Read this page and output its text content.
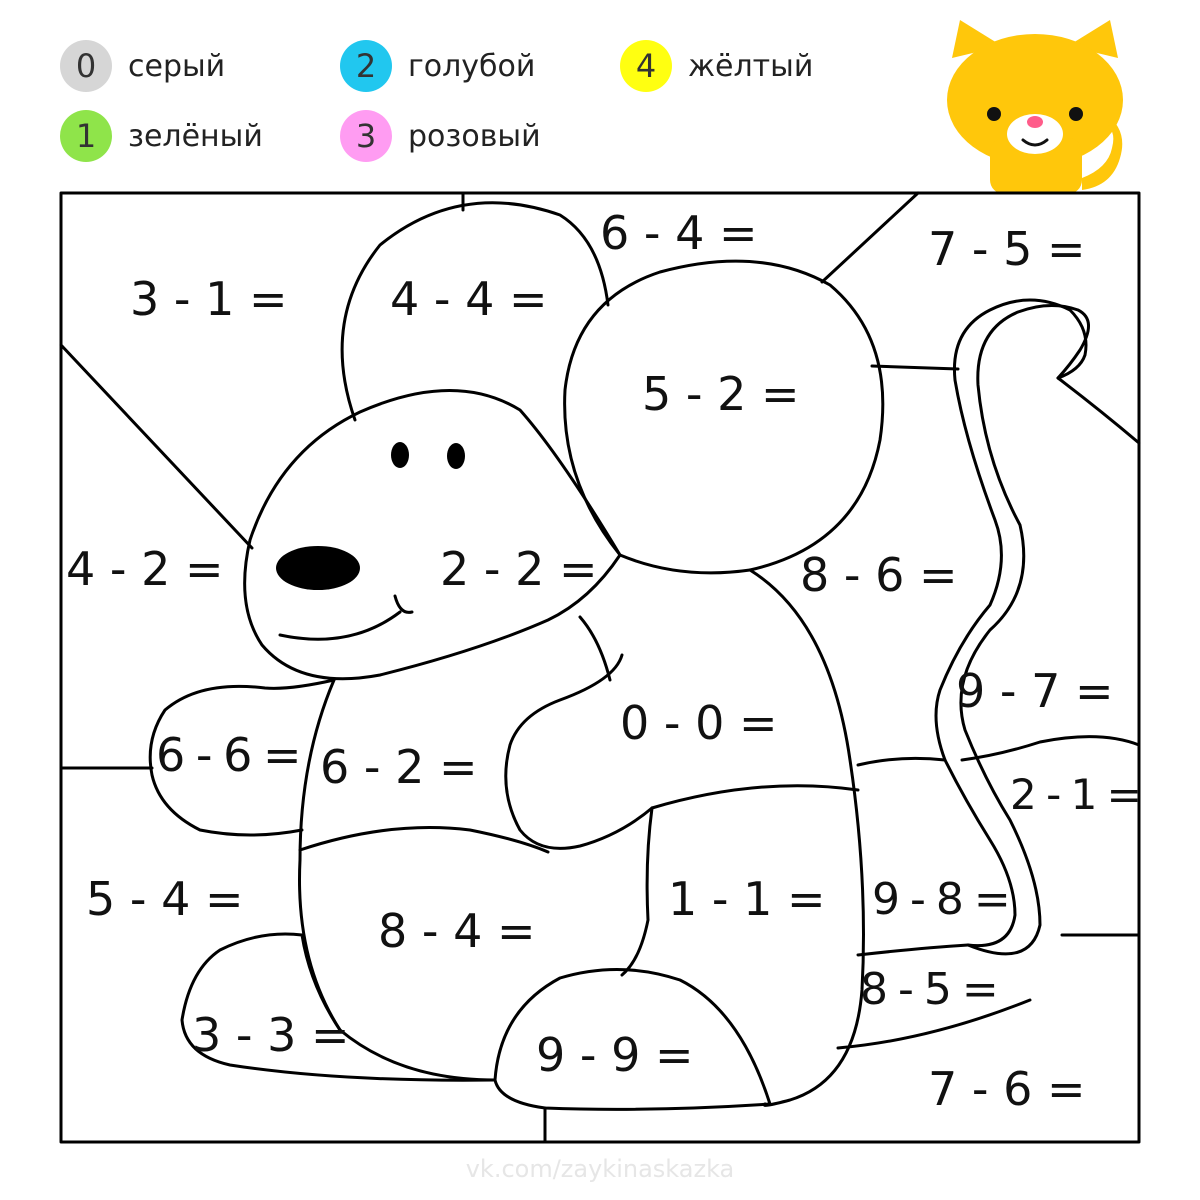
0	серый
1	зелёный
2	голубой
3	розовый
4	жёлтый
6 - 4 =	7 - 5 =
3 - 1 = 4 - 4 =
5 - 2 =
4 - 2 =	2 - 2 =	8 - 6 =
9 - 7 =
0 - 0 =
6 - 6 = 6 - 2 =
2 - 1 =
5 - 4 =
8 - 4 =
1 - 1 = 9 - 8 =
8 - 5 =
3 - 3 =	9 - 9 =
7 - 6 =
vk.com/zaykinaskazka
